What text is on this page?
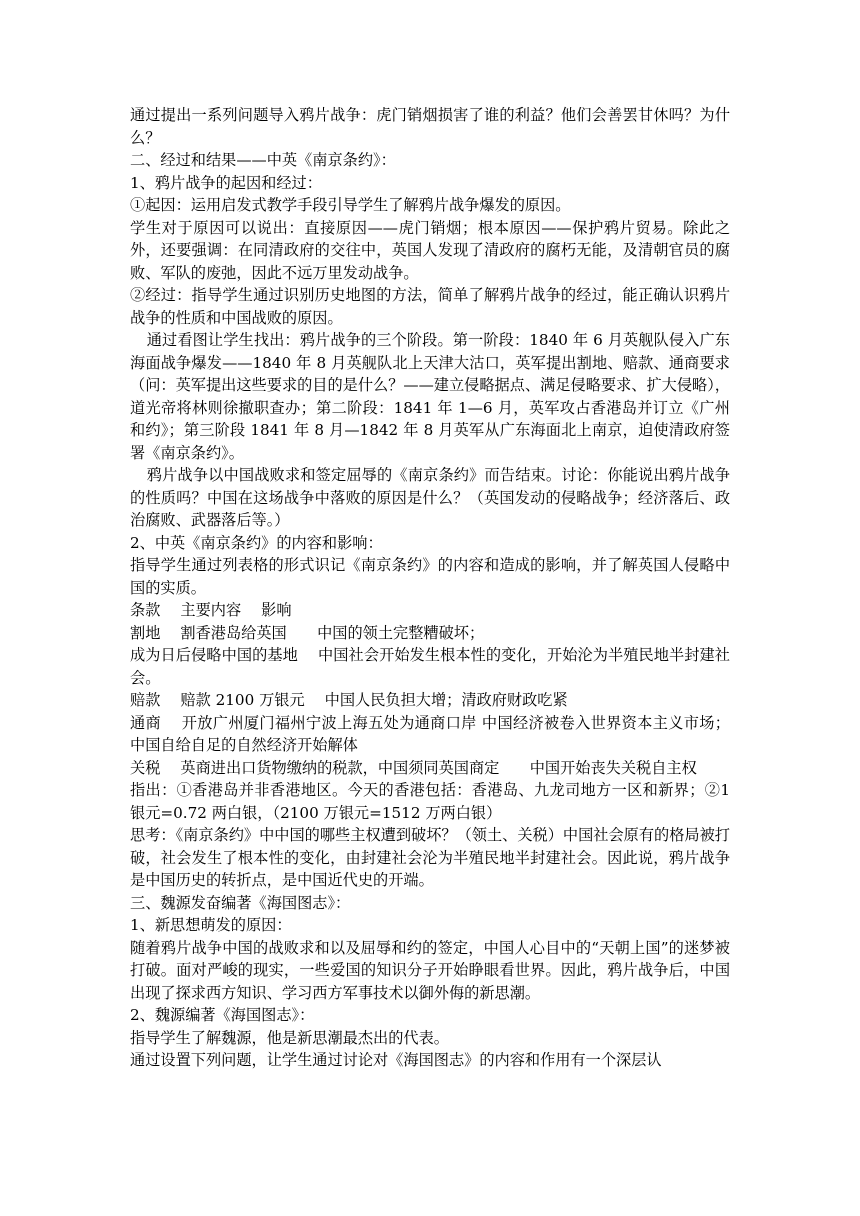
通过提出一系列问题导入鸦片战争：虎门销烟损害了谁的利益？他们会善罢甘休吗？为什么？

二、经过和结果——中英《南京条约》：

1、鸦片战争的起因和经过：

①起因：运用启发式教学手段引导学生了解鸦片战争爆发的原因。

学生对于原因可以说出：直接原因——虎门销烟；根本原因——保护鸦片贸易。除此之外，还要强调：在同清政府的交往中，英国人发现了清政府的腐朽无能，及清朝官员的腐败、军队的废弛，因此不远万里发动战争。

②经过：指导学生通过识别历史地图的方法，简单了解鸦片战争的经过，能正确认识鸦片战争的性质和中国战败的原因。

通过看图让学生找出：鸦片战争的三个阶段。第一阶段：1840 年 6 月英舰队侵入广东海面战争爆发——1840 年 8 月英舰队北上天津大沽口，英军提出割地、赔款、通商要求（问：英军提出这些要求的目的是什么？——建立侵略据点、满足侵略要求、扩大侵略），道光帝将林则徐撤职查办；第二阶段：1841 年 1—6 月，英军攻占香港岛并订立《广州和约》；第三阶段 1841 年 8 月—1842 年 8 月英军从广东海面北上南京，迫使清政府签署《南京条约》。

鸦片战争以中国战败求和签定屈辱的《南京条约》而告结束。讨论：你能说出鸦片战争的性质吗？中国在这场战争中落败的原因是什么？（英国发动的侵略战争；经济落后、政治腐败、武器落后等。）

2、中英《南京条约》的内容和影响：

指导学生通过列表格的形式识记《南京条约》的内容和造成的影响，并了解英国人侵略中国的实质。

条款　 主要内容　 影响

割地　 割香港岛给英国　　中国的领土完整糟破坏；

成为日后侵略中国的基地　 中国社会开始发生根本性的变化，开始沦为半殖民地半封建社会。

赔款　 赔款 2100 万银元　 中国人民负担大增；清政府财政吃紧

通商　 开放广州厦门福州宁波上海五处为通商口岸 中国经济被卷入世界资本主义市场；中国自给自足的自然经济开始解体

关税　 英商进出口货物缴纳的税款，中国须同英国商定　　中国开始丧失关税自主权

指出：①香港岛并非香港地区。今天的香港包括：香港岛、九龙司地方一区和新界；②1 银元=0.72 两白银，（2100 万银元=1512 万两白银）

思考：《南京条约》中中国的哪些主权遭到破坏？（领土、关税）中国社会原有的格局被打破，社会发生了根本性的变化，由封建社会沦为半殖民地半封建社会。因此说，鸦片战争是中国历史的转折点，是中国近代史的开端。

三、魏源发奋编著《海国图志》：

1、新思想萌发的原因：

随着鸦片战争中国的战败求和以及屈辱和约的签定，中国人心目中的“天朝上国”的迷梦被打破。面对严峻的现实，一些爱国的知识分子开始睁眼看世界。因此，鸦片战争后，中国出现了探求西方知识、学习西方军事技术以御外侮的新思潮。

2、魏源编著《海国图志》：

指导学生了解魏源，他是新思潮最杰出的代表。

通过设置下列问题，让学生通过讨论对《海国图志》的内容和作用有一个深层认
